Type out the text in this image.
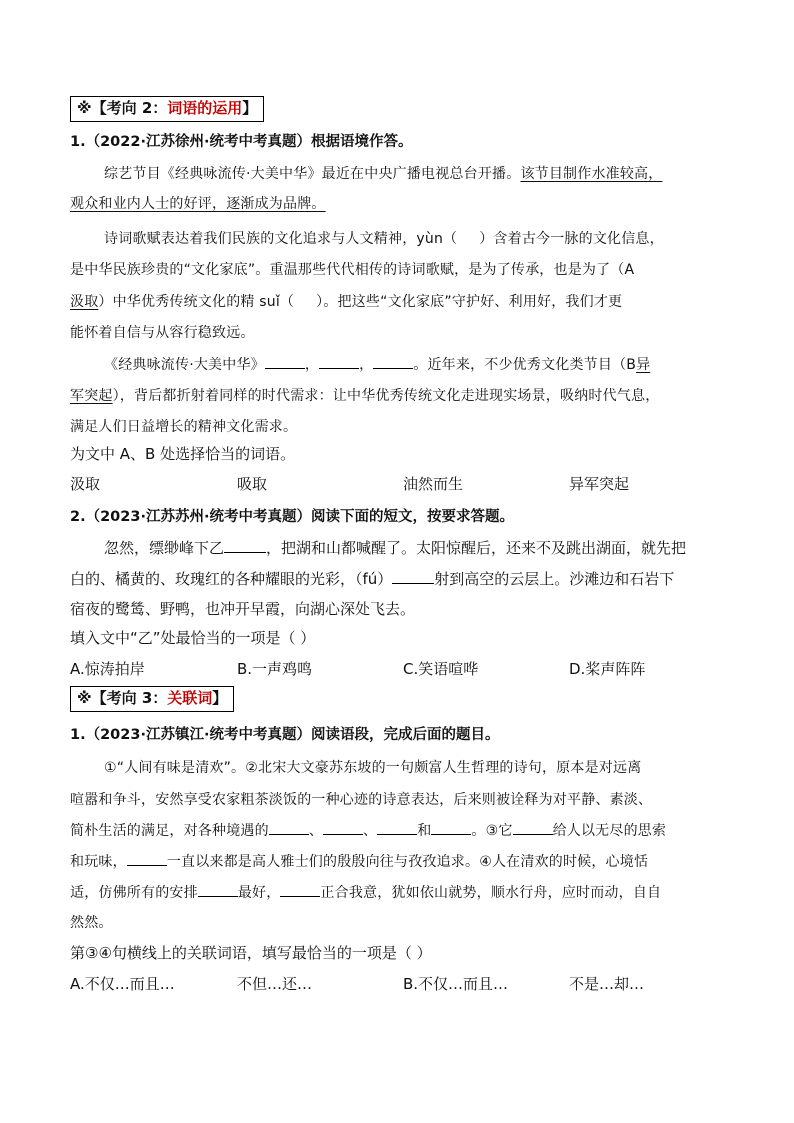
※【考向 2：词语的运用】
1.（2022·江苏徐州·统考中考真题）根据语境作答。
综艺节目《经典咏流传·大美中华》最近在中央广播电视总台开播。该节目制作水准较高，
观众和业内人士的好评，逐渐成为品牌。
诗词歌赋表达着我们民族的文化追求与人文精神，yùn（ ）含着古今一脉的文化信息，
是中华民族珍贵的“文化家底”。重温那些代代相传的诗词歌赋，是为了传承，也是为了（A
汲取）中华优秀传统文化的精 suǐ（ ）。把这些“文化家底”守护好、利用好，我们才更
能怀着自信与从容行稳致远。
《经典咏流传·大美中华》	，	，	。近年来，不少优秀文化类节目（B异
军突起），背后都折射着同样的时代需求：让中华优秀传统文化走进现实场景，吸纳时代气息，
满足人们日益增长的精神文化需求。
为文中 A、B 处选择恰当的词语。
汲取	吸取	油然而生	异军突起
2.（2023·江苏苏州·统考中考真题）阅读下面的短文，按要求答题。
忽然，缥缈峰下乙	，把湖和山都喊醒了。太阳惊醒后，还来不及跳出湖面，就先把
白的、橘黄的、玫瑰红的各种耀眼的光彩，（fú）	射到高空的云层上。沙滩边和石岩下
宿夜的鹭鸶、野鸭，也冲开早霞，向湖心深处飞去。
填入文中“乙”处最恰当的一项是（ ）
A.惊涛拍岸	B.一声鸡鸣	C.笑语喧哗	D.桨声阵阵
※【考向 3：关联词】
1.（2023·江苏镇江·统考中考真题）阅读语段，完成后面的题目。
①“人间有味是清欢”。②北宋大文豪苏东坡的一句颇富人生哲理的诗句，原本是对远离
喧嚣和争斗，安然享受农家粗茶淡饭的一种心迹的诗意表达，后来则被诠释为对平静、素淡、
简朴生活的满足，对各种境遇的	、	、	和	。③它	给人以无尽的思索
和玩味，	一直以来都是高人雅士们的殷殷向往与孜孜追求。④人在清欢的时候，心境恬
适，仿佛所有的安排	最好，	正合我意，犹如依山就势，顺水行舟，应时而动，自自
然然。
第③④句横线上的关联词语，填写最恰当的一项是（ ）
A.不仅…而且…	不但…还…	B.不仅…而且…	不是…却…
